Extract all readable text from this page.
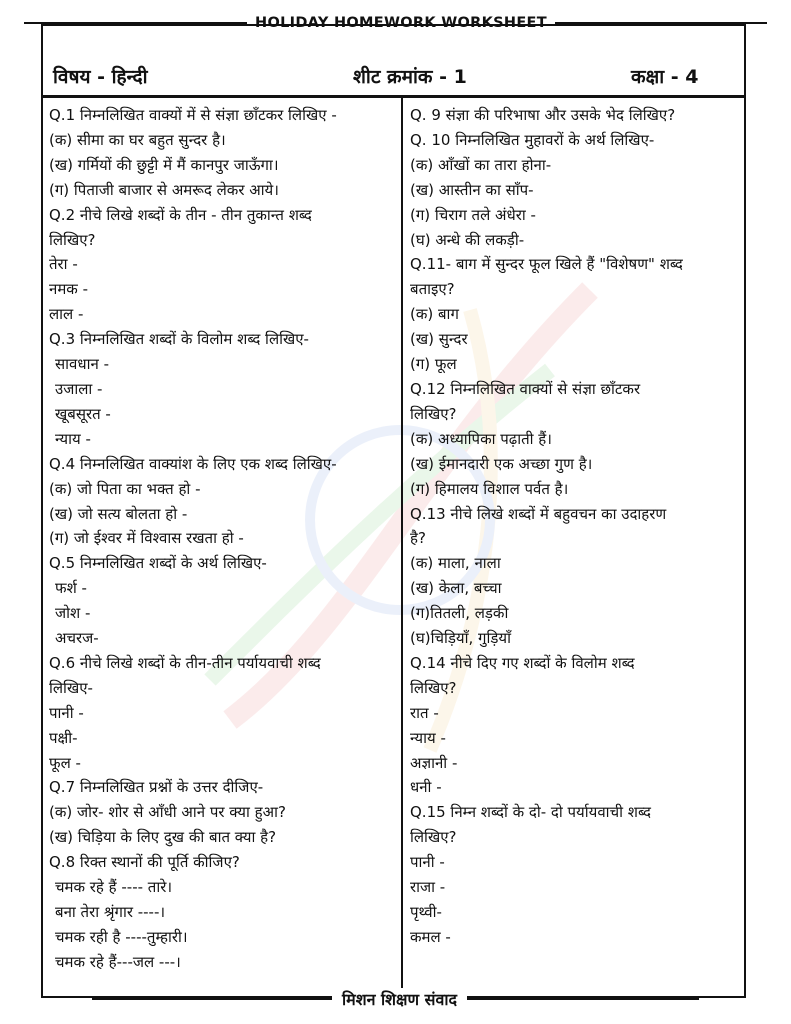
HOLIDAY HOMEWORK WORKSHEET
विषय - हिन्दी	शीट क्रमांक - 1	कक्षा - 4

Q.1 निम्नलिखित वाक्यों में से संज्ञा छाँटकर लिखिए -

(क) सीमा का घर बहुत सुन्दर है।

(ख) गर्मियों की छुट्टी में मैं कानपुर जाऊँगा।

(ग) पिताजी बाजार से अमरूद लेकर आये।

Q.2 नीचे लिखे शब्दों के तीन - तीन तुकान्त शब्द

लिखिए?

तेरा -

नमक -

लाल -

Q.3 निम्नलिखित शब्दों के विलोम शब्द लिखिए-

सावधान -

उजाला -

खूबसूरत -

न्याय -

Q.4 निम्नलिखित वाक्यांश के लिए एक शब्द लिखिए-

(क) जो पिता का भक्त हो -

(ख) जो सत्य बोलता हो -

(ग) जो ईश्वर में विश्वास रखता हो -

Q.5 निम्नलिखित शब्दों के अर्थ लिखिए-

फर्श -

जोश -

अचरज-

Q.6 नीचे लिखे शब्दों के तीन-तीन पर्यायवाची शब्द

लिखिए-

पानी -

पक्षी-

फूल -

Q.7 निम्नलिखित प्रश्नों के उत्तर दीजिए-

(क) जोर- शोर से आँधी आने पर क्या हुआ?

(ख) चिड़िया के लिए दुख की बात क्या है?

Q.8 रिक्त स्थानों की पूर्ति कीजिए?

चमक रहे हैं ---- तारे।

बना तेरा श्रृंगार ----।

चमक रही है ----तुम्हारी।

चमक रहे हैं---जल ---।

Q. 9 संज्ञा की परिभाषा और उसके भेद लिखिए?

Q. 10 निम्नलिखित मुहावरों के अर्थ लिखिए-

(क) आँखों का तारा होना-

(ख) आस्तीन का साँप-

(ग) चिराग तले अंधेरा -

(घ) अन्धे की लकड़ी-

Q.11- बाग में सुन्दर फूल खिले हैं "विशेषण" शब्द

बताइए?

(क) बाग

(ख) सुन्दर

(ग) फूल

Q.12 निम्नलिखित वाक्यों से संज्ञा छाँटकर

लिखिए?

(क) अध्यापिका पढ़ाती हैं।

(ख) ईमानदारी एक अच्छा गुण है।

(ग) हिमालय विशाल पर्वत है।

Q.13 नीचे लिखे शब्दों में बहुवचन का उदाहरण

है?

(क) माला, नाला

(ख) केला, बच्चा

(ग)तितली, लड़की

(घ)चिड़ियाँ, गुड़ियाँ

Q.14 नीचे दिए गए शब्दों के विलोम शब्द

लिखिए?

रात -

न्याय -

अज्ञानी -

धनी -

Q.15 निम्न शब्दों के दो- दो पर्यायवाची शब्द

लिखिए?

पानी -

राजा -

पृथ्वी-

कमल -

मिशन शिक्षण संवाद
